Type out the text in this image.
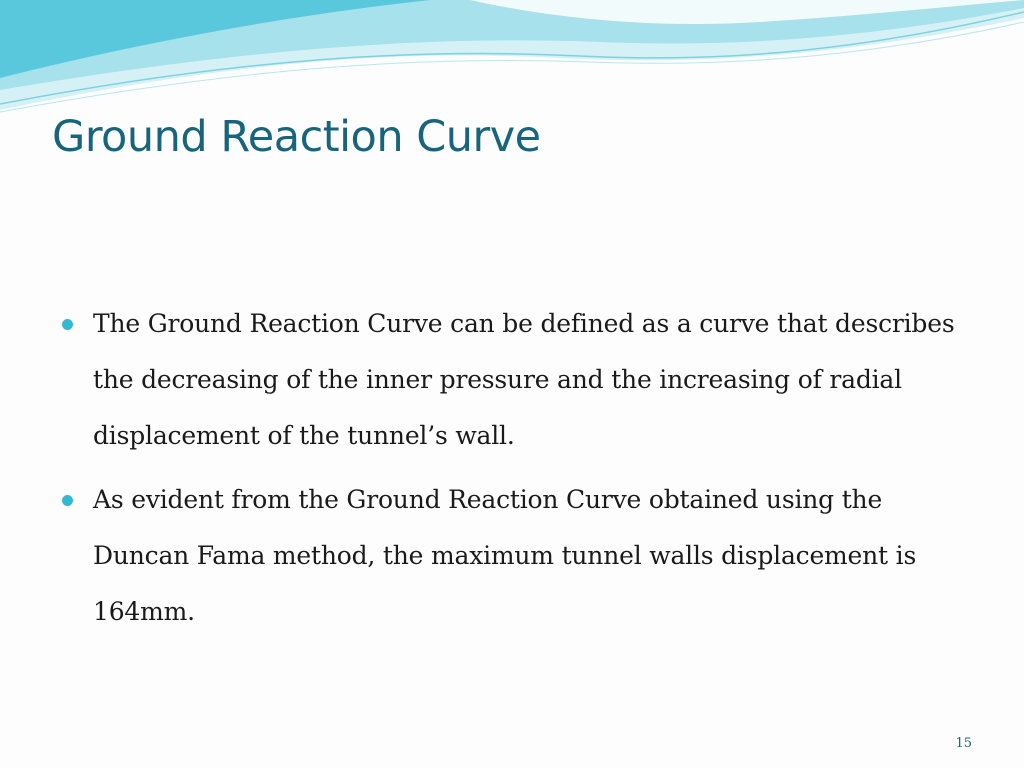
Ground Reaction Curve
The Ground Reaction Curve can be defined as a curve that describes the decreasing of the inner pressure and the increasing of radial displacement of the tunnel’s wall.
As evident from the Ground Reaction Curve obtained using the Duncan Fama method, the maximum tunnel walls displacement is 164mm.
15
